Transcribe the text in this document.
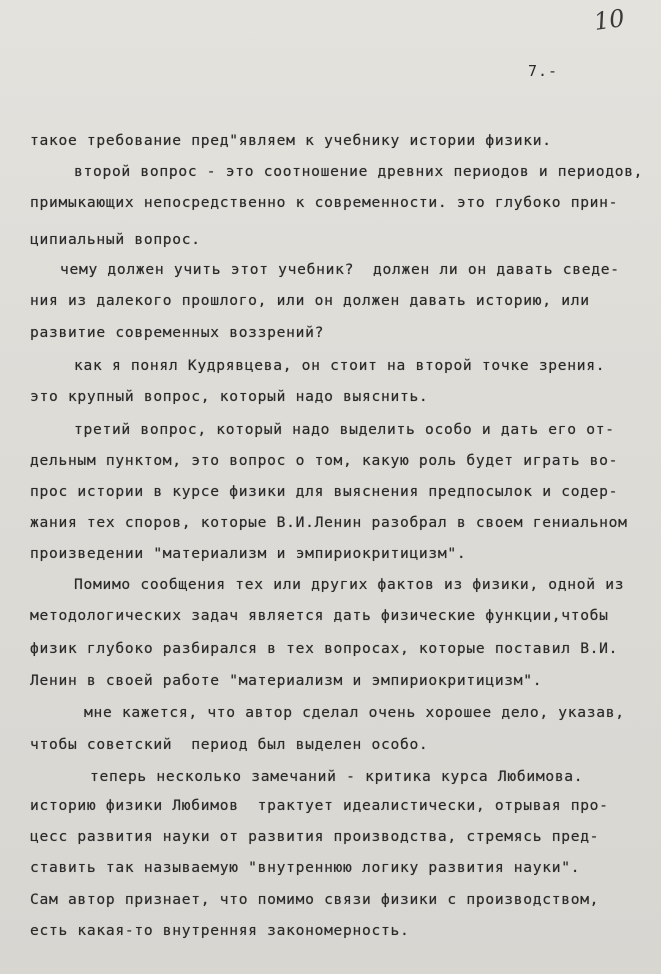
10
7.-
такое требование пред"являем к учебнику истории физики.
второй вопрос - это соотношение древних периодов и периодов,
примыкающих непосредственно к современности. это глубоко прин-
ципиальный вопрос.
чему должен учить этот учебник?  должен ли он давать сведе-
ния из далекого прошлого, или он должен давать историю, или
развитие современных воззрений?
как я понял Кудрявцева, он стоит на второй точке зрения.
это крупный вопрос, который надо выяснить.
третий вопрос, который надо выделить особо и дать его от-
дельным пунктом, это вопрос о том, какую роль будет играть во-
прос истории в курсе физики для выяснения предпосылок и содер-
жания тех споров, которые В.И.Ленин разобрал в своем гениальном
произведении "материализм и эмпириокритицизм".
Помимо сообщения тех или других фактов из физики, одной из
методологических задач является дать физические функции,чтобы
физик глубоко разбирался в тех вопросах, которые поставил В.И.
Ленин в своей работе "материализм и эмпириокритицизм".
мне кажется, что автор сделал очень хорошее дело, указав,
чтобы советский  период был выделен особо.
теперь несколько замечаний - критика курса Любимова.
историю физики Любимов  трактует идеалистически, отрывая про-
цесс развития науки от развития производства, стремясь пред-
ставить так называемую "внутреннюю логику развития науки".
Сам автор признает, что помимо связи физики с производством,
есть какая-то внутренняя закономерность.
